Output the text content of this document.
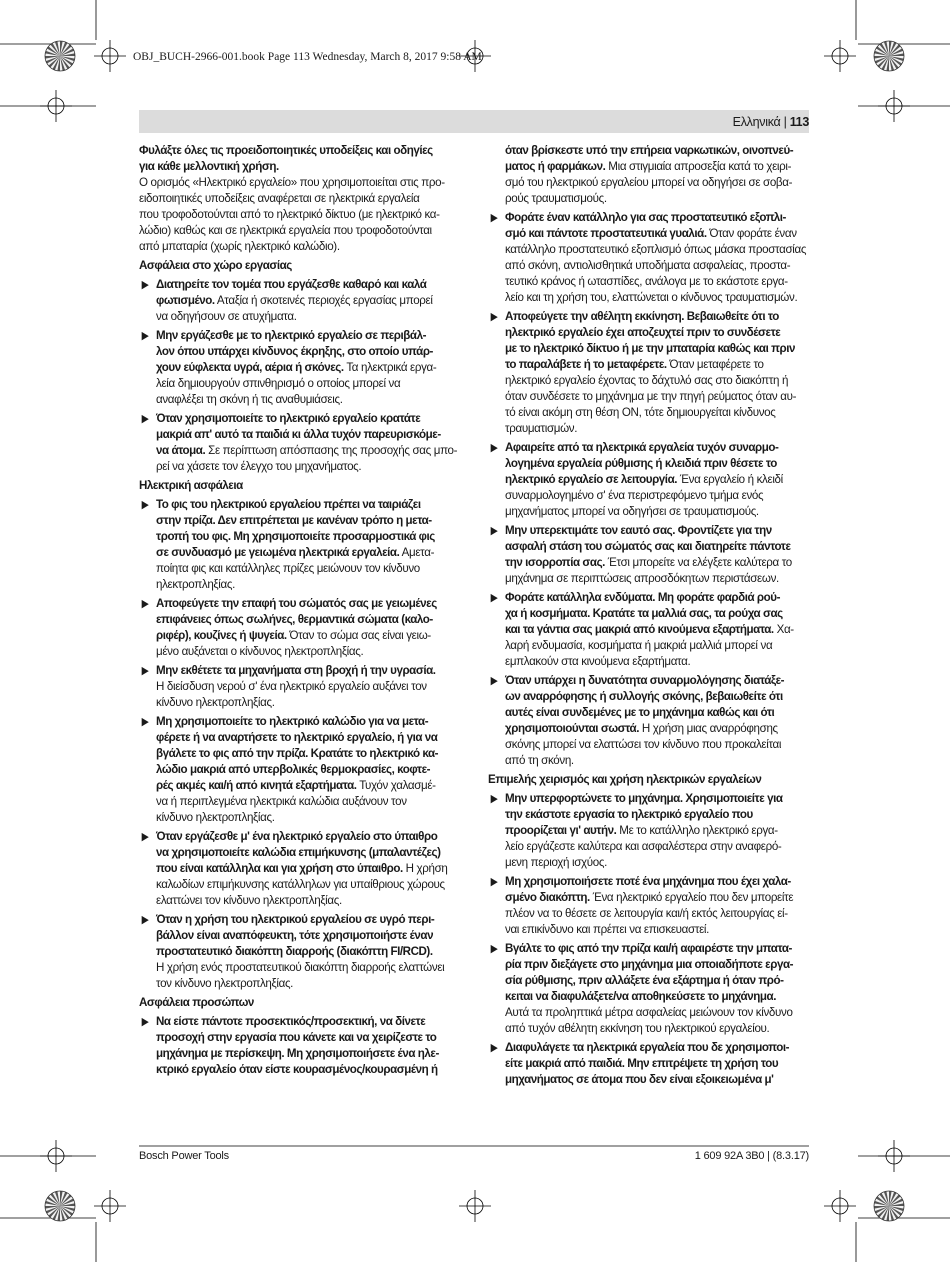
OBJ_BUCH-2966-001.book Page 113 Wednesday, March 8, 2017 9:58 AM
Ελληνικά | 113
Φυλάξτε όλες τις προειδοποιητικές υποδείξεις και οδηγίες
για κάθε μελλοντική χρήση.
Ο ορισμός «Ηλεκτρικό εργαλείο» που χρησιμοποιείται στις προ-
ειδοποιητικές υποδείξεις αναφέρεται σε ηλεκτρικά εργαλεία
που τροφοδοτούνται από το ηλεκτρικό δίκτυο (με ηλεκτρικό κα-
λώδιο) καθώς και σε ηλεκτρικά εργαλεία που τροφοδοτούνται
από μπαταρία (χωρίς ηλεκτρικό καλώδιο).
Ασφάλεια στο χώρο εργασίας
▶ Διατηρείτε τον τομέα που εργάζεσθε καθαρό και καλά
φωτισμένο. Αταξία ή σκοτεινές περιοχές εργασίας μπορεί
να οδηγήσουν σε ατυχήματα.
▶ Μην εργάζεσθε με το ηλεκτρικό εργαλείο σε περιβάλ-
λον όπου υπάρχει κίνδυνος έκρηξης, στο οποίο υπάρ-
χουν εύφλεκτα υγρά, αέρια ή σκόνες. Τα ηλεκτρικά εργα-
λεία δημιουργούν σπινθηρισμό ο οποίος μπορεί να
αναφλέξει τη σκόνη ή τις αναθυμιάσεις.
▶ Όταν χρησιμοποιείτε το ηλεκτρικό εργαλείο κρατάτε
μακριά απ' αυτό τα παιδιά κι άλλα τυχόν παρευρισκόμε-
να άτομα. Σε περίπτωση απόσπασης της προσοχής σας μπο-
ρεί να χάσετε τον έλεγχο του μηχανήματος.
Ηλεκτρική ασφάλεια
▶ Το φις του ηλεκτρικού εργαλείου πρέπει να ταιριάζει
στην πρίζα. Δεν επιτρέπεται με κανέναν τρόπο η μετα-
τροπή του φις. Μη χρησιμοποιείτε προσαρμοστικά φις
σε συνδυασμό με γειωμένα ηλεκτρικά εργαλεία. Αμετα-
ποίητα φις και κατάλληλες πρίζες μειώνουν τον κίνδυνο
ηλεκτροπληξίας.
▶ Αποφεύγετε την επαφή του σώματός σας με γειωμένες
επιφάνειες όπως σωλήνες, θερμαντικά σώματα (καλο-
ριφέρ), κουζίνες ή ψυγεία. Όταν το σώμα σας είναι γειω-
μένο αυξάνεται ο κίνδυνος ηλεκτροπληξίας.
▶ Μην εκθέτετε τα μηχανήματα στη βροχή ή την υγρασία.
Η διείσδυση νερού σ' ένα ηλεκτρικό εργαλείο αυξάνει τον
κίνδυνο ηλεκτροπληξίας.
▶ Μη χρησιμοποιείτε το ηλεκτρικό καλώδιο για να μετα-
φέρετε ή να αναρτήσετε το ηλεκτρικό εργαλείο, ή για να
βγάλετε το φις από την πρίζα. Κρατάτε το ηλεκτρικό κα-
λώδιο μακριά από υπερβολικές θερμοκρασίες, κοφτε-
ρές ακμές και/ή από κινητά εξαρτήματα. Τυχόν χαλασμέ-
να ή περιπλεγμένα ηλεκτρικά καλώδια αυξάνουν τον
κίνδυνο ηλεκτροπληξίας.
▶ Όταν εργάζεσθε μ' ένα ηλεκτρικό εργαλείο στο ύπαιθρο
να χρησιμοποιείτε καλώδια επιμήκυνσης (μπαλαντέζες)
που είναι κατάλληλα και για χρήση στο ύπαιθρο. Η χρήση
καλωδίων επιμήκυνσης κατάλληλων για υπαίθριους χώρους
ελαττώνει τον κίνδυνο ηλεκτροπληξίας.
▶ Όταν η χρήση του ηλεκτρικού εργαλείου σε υγρό περι-
βάλλον είναι αναπόφευκτη, τότε χρησιμοποιήστε έναν
προστατευτικό διακόπτη διαρροής (διακόπτη FI/RCD).
Η χρήση ενός προστατευτικού διακόπτη διαρροής ελαττώνει
τον κίνδυνο ηλεκτροπληξίας.
Ασφάλεια προσώπων
▶ Να είστε πάντοτε προσεκτικός/προσεκτική, να δίνετε
προσοχή στην εργασία που κάνετε και να χειρίζεστε το
μηχάνημα με περίσκεψη. Μη χρησιμοποιήσετε ένα ηλε-
κτρικό εργαλείο όταν είστε κουρασμένος/κουρασμένη ή
όταν βρίσκεστε υπό την επήρεια ναρκωτικών, οινοπνεύ-
ματος ή φαρμάκων. Μια στιγμιαία απροσεξία κατά το χειρι-
σμό του ηλεκτρικού εργαλείου μπορεί να οδηγήσει σε σοβα-
ρούς τραυματισμούς.
▶ Φοράτε έναν κατάλληλο για σας προστατευτικό εξοπλι-
σμό και πάντοτε προστατευτικά γυαλιά. Όταν φοράτε έναν
κατάλληλο προστατευτικό εξοπλισμό όπως μάσκα προστασίας
από σκόνη, αντιολισθητικά υποδήματα ασφαλείας, προστα-
τευτικό κράνος ή ωτασπίδες, ανάλογα με το εκάστοτε εργα-
λείο και τη χρήση του, ελαττώνεται ο κίνδυνος τραυματισμών.
▶ Αποφεύγετε την αθέλητη εκκίνηση. Βεβαιωθείτε ότι το
ηλεκτρικό εργαλείο έχει αποζευχτεί πριν το συνδέσετε
με το ηλεκτρικό δίκτυο ή με την μπαταρία καθώς και πριν
το παραλάβετε ή το μεταφέρετε. Όταν μεταφέρετε το
ηλεκτρικό εργαλείο έχοντας το δάχτυλό σας στο διακόπτη ή
όταν συνδέσετε το μηχάνημα με την πηγή ρεύματος όταν αυ-
τό είναι ακόμη στη θέση ON, τότε δημιουργείται κίνδυνος
τραυματισμών.
▶ Αφαιρείτε από τα ηλεκτρικά εργαλεία τυχόν συναρμο-
λογημένα εργαλεία ρύθμισης ή κλειδιά πριν θέσετε το
ηλεκτρικό εργαλείο σε λειτουργία. Ένα εργαλείο ή κλειδί
συναρμολογημένο σ' ένα περιστρεφόμενο τμήμα ενός
μηχανήματος μπορεί να οδηγήσει σε τραυματισμούς.
▶ Μην υπερεκτιμάτε τον εαυτό σας. Φροντίζετε για την
ασφαλή στάση του σώματός σας και διατηρείτε πάντοτε
την ισορροπία σας. Έτσι μπορείτε να ελέγξετε καλύτερα το
μηχάνημα σε περιπτώσεις απροσδόκητων περιστάσεων.
▶ Φοράτε κατάλληλα ενδύματα. Μη φοράτε φαρδιά ρού-
χα ή κοσμήματα. Κρατάτε τα μαλλιά σας, τα ρούχα σας
και τα γάντια σας μακριά από κινούμενα εξαρτήματα. Χα-
λαρή ενδυμασία, κοσμήματα ή μακριά μαλλιά μπορεί να
εμπλακούν στα κινούμενα εξαρτήματα.
▶ Όταν υπάρχει η δυνατότητα συναρμολόγησης διατάξε-
ων αναρρόφησης ή συλλογής σκόνης, βεβαιωθείτε ότι
αυτές είναι συνδεμένες με το μηχάνημα καθώς και ότι
χρησιμοποιούνται σωστά. Η χρήση μιας αναρρόφησης
σκόνης μπορεί να ελαττώσει τον κίνδυνο που προκαλείται
από τη σκόνη.
Επιμελής χειρισμός και χρήση ηλεκτρικών εργαλείων
▶ Μην υπερφορτώνετε το μηχάνημα. Χρησιμοποιείτε για
την εκάστοτε εργασία το ηλεκτρικό εργαλείο που
προορίζεται γι' αυτήν. Με το κατάλληλο ηλεκτρικό εργα-
λείο εργάζεστε καλύτερα και ασφαλέστερα στην αναφερό-
μενη περιοχή ισχύος.
▶ Μη χρησιμοποιήσετε ποτέ ένα μηχάνημα που έχει χαλα-
σμένο διακόπτη. Ένα ηλεκτρικό εργαλείο που δεν μπορείτε
πλέον να το θέσετε σε λειτουργία και/ή εκτός λειτουργίας εί-
ναι επικίνδυνο και πρέπει να επισκευαστεί.
▶ Βγάλτε το φις από την πρίζα και/ή αφαιρέστε την μπατα-
ρία πριν διεξάγετε στο μηχάνημα μια οποιαδήποτε εργα-
σία ρύθμισης, πριν αλλάξετε ένα εξάρτημα ή όταν πρό-
κειται να διαφυλάξετε/να αποθηκεύσετε το μηχάνημα.
Αυτά τα προληπτικά μέτρα ασφαλείας μειώνουν τον κίνδυνο
από τυχόν αθέλητη εκκίνηση του ηλεκτρικού εργαλείου.
▶ Διαφυλάγετε τα ηλεκτρικά εργαλεία που δε χρησιμοποι-
είτε μακριά από παιδιά. Μην επιτρέψετε τη χρήση του
μηχανήματος σε άτομα που δεν είναι εξοικειωμένα μ'
Bosch Power Tools	1 609 92A 3B0 | (8.3.17)
